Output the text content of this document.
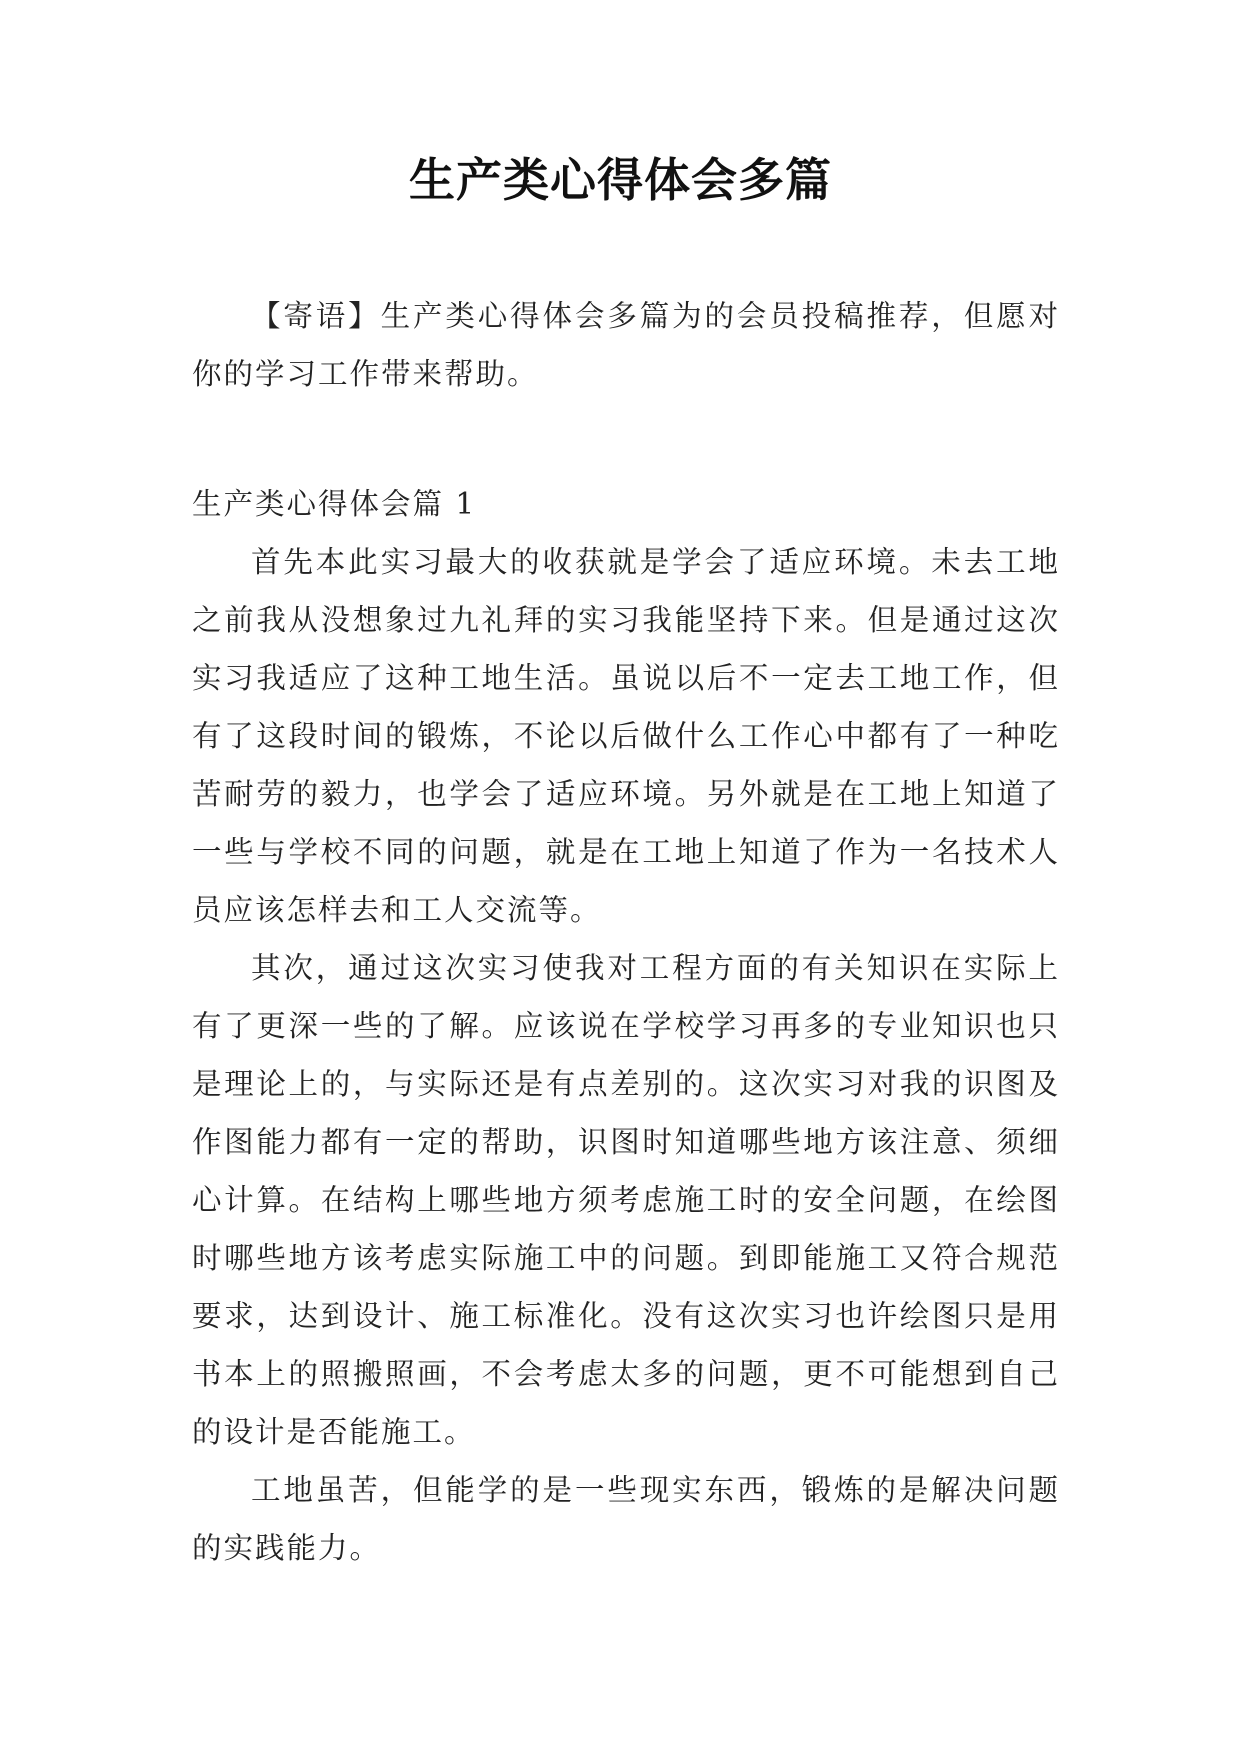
生产类心得体会多篇

【寄语】生产类心得体会多篇为的会员投稿推荐，但愿对你的学习工作带来帮助。

生产类心得体会篇 1

首先本此实习最大的收获就是学会了适应环境。未去工地之前我从没想象过九礼拜的实习我能坚持下来。但是通过这次实习我适应了这种工地生活。虽说以后不一定去工地工作，但有了这段时间的锻炼，不论以后做什么工作心中都有了一种吃苦耐劳的毅力，也学会了适应环境。另外就是在工地上知道了一些与学校不同的问题，就是在工地上知道了作为一名技术人员应该怎样去和工人交流等。

其次，通过这次实习使我对工程方面的有关知识在实际上有了更深一些的了解。应该说在学校学习再多的专业知识也只是理论上的，与实际还是有点差别的。这次实习对我的识图及作图能力都有一定的帮助，识图时知道哪些地方该注意、须细心计算。在结构上哪些地方须考虑施工时的安全问题，在绘图时哪些地方该考虑实际施工中的问题。到即能施工又符合规范要求，达到设计、施工标准化。没有这次实习也许绘图只是用书本上的照搬照画，不会考虑太多的问题，更不可能想到自己的设计是否能施工。

工地虽苦，但能学的是一些现实东西，锻炼的是解决问题的实践能力。
